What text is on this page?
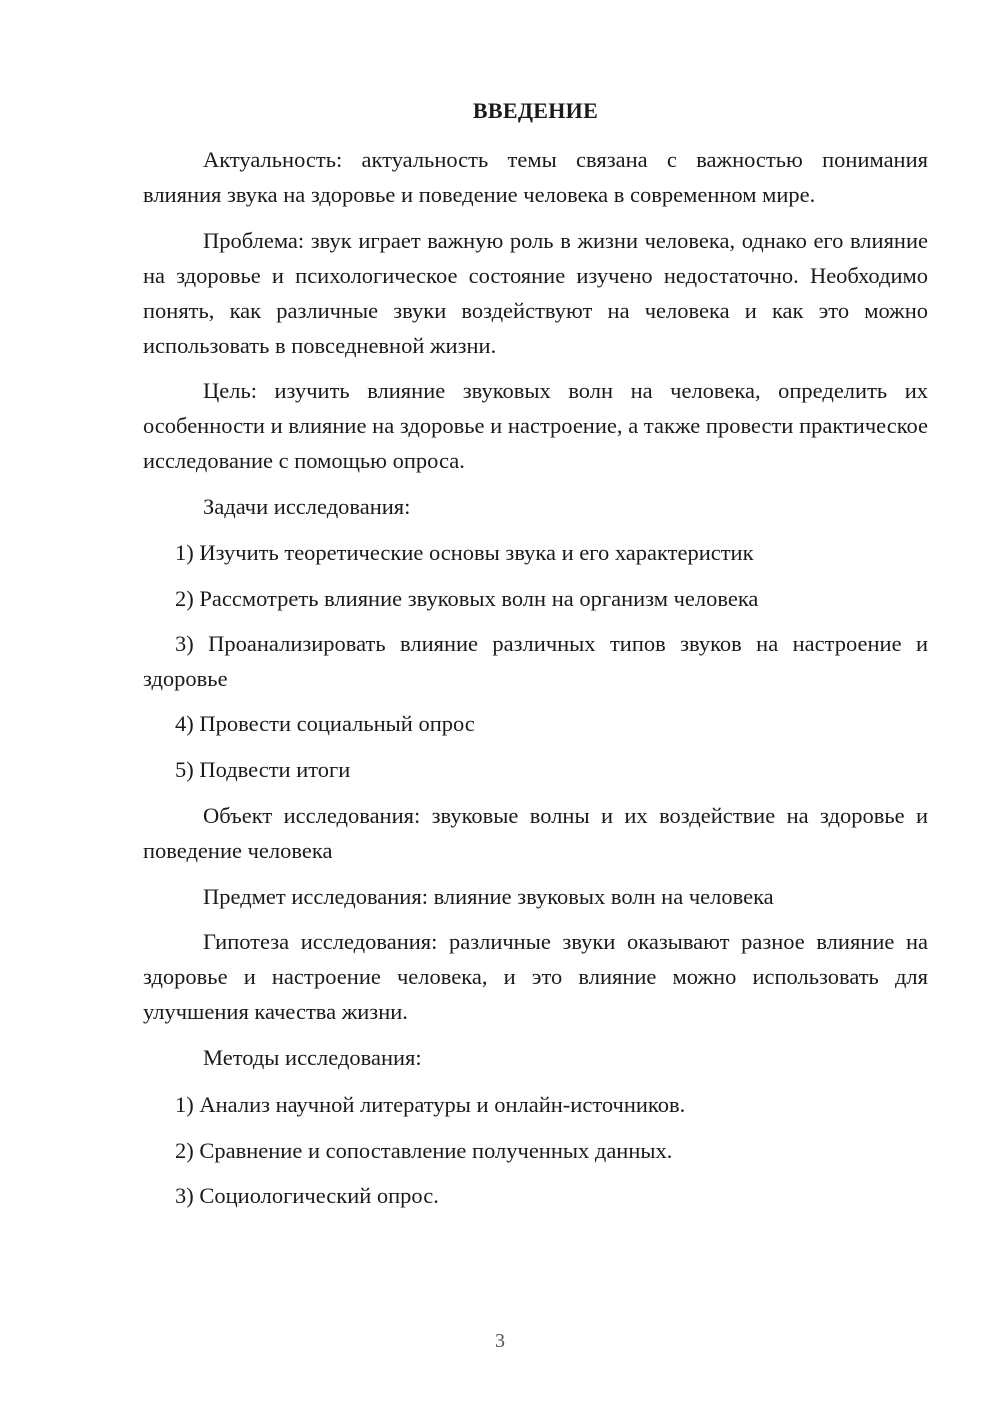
ВВЕДЕНИЕ

Актуальность: актуальность темы связана с важностью понимания влияния звука на здоровье и поведение человека в современном мире.

Проблема: звук играет важную роль в жизни человека, однако его влияние на здоровье и психологическое состояние изучено недостаточно. Необходимо понять, как различные звуки воздействуют на человека и как это можно использовать в повседневной жизни.

Цель: изучить влияние звуковых волн на человека, определить их особенности и влияние на здоровье и настроение, а также провести практическое исследование с помощью опроса.

Задачи исследования:

1) Изучить теоретические основы звука и его характеристик

2) Рассмотреть влияние звуковых волн на организм человека

3) Проанализировать влияние различных типов звуков на настроение и здоровье

4) Провести социальный опрос

5) Подвести итоги

Объект исследования: звуковые волны и их воздействие на здоровье и поведение человека

Предмет исследования: влияние звуковых волн на человека

Гипотеза исследования: различные звуки оказывают разное влияние на здоровье и настроение человека, и это влияние можно использовать для улучшения качества жизни.

Методы исследования:

1) Анализ научной литературы и онлайн-источников.

2) Сравнение и сопоставление полученных данных.

3) Социологический опрос.

3
